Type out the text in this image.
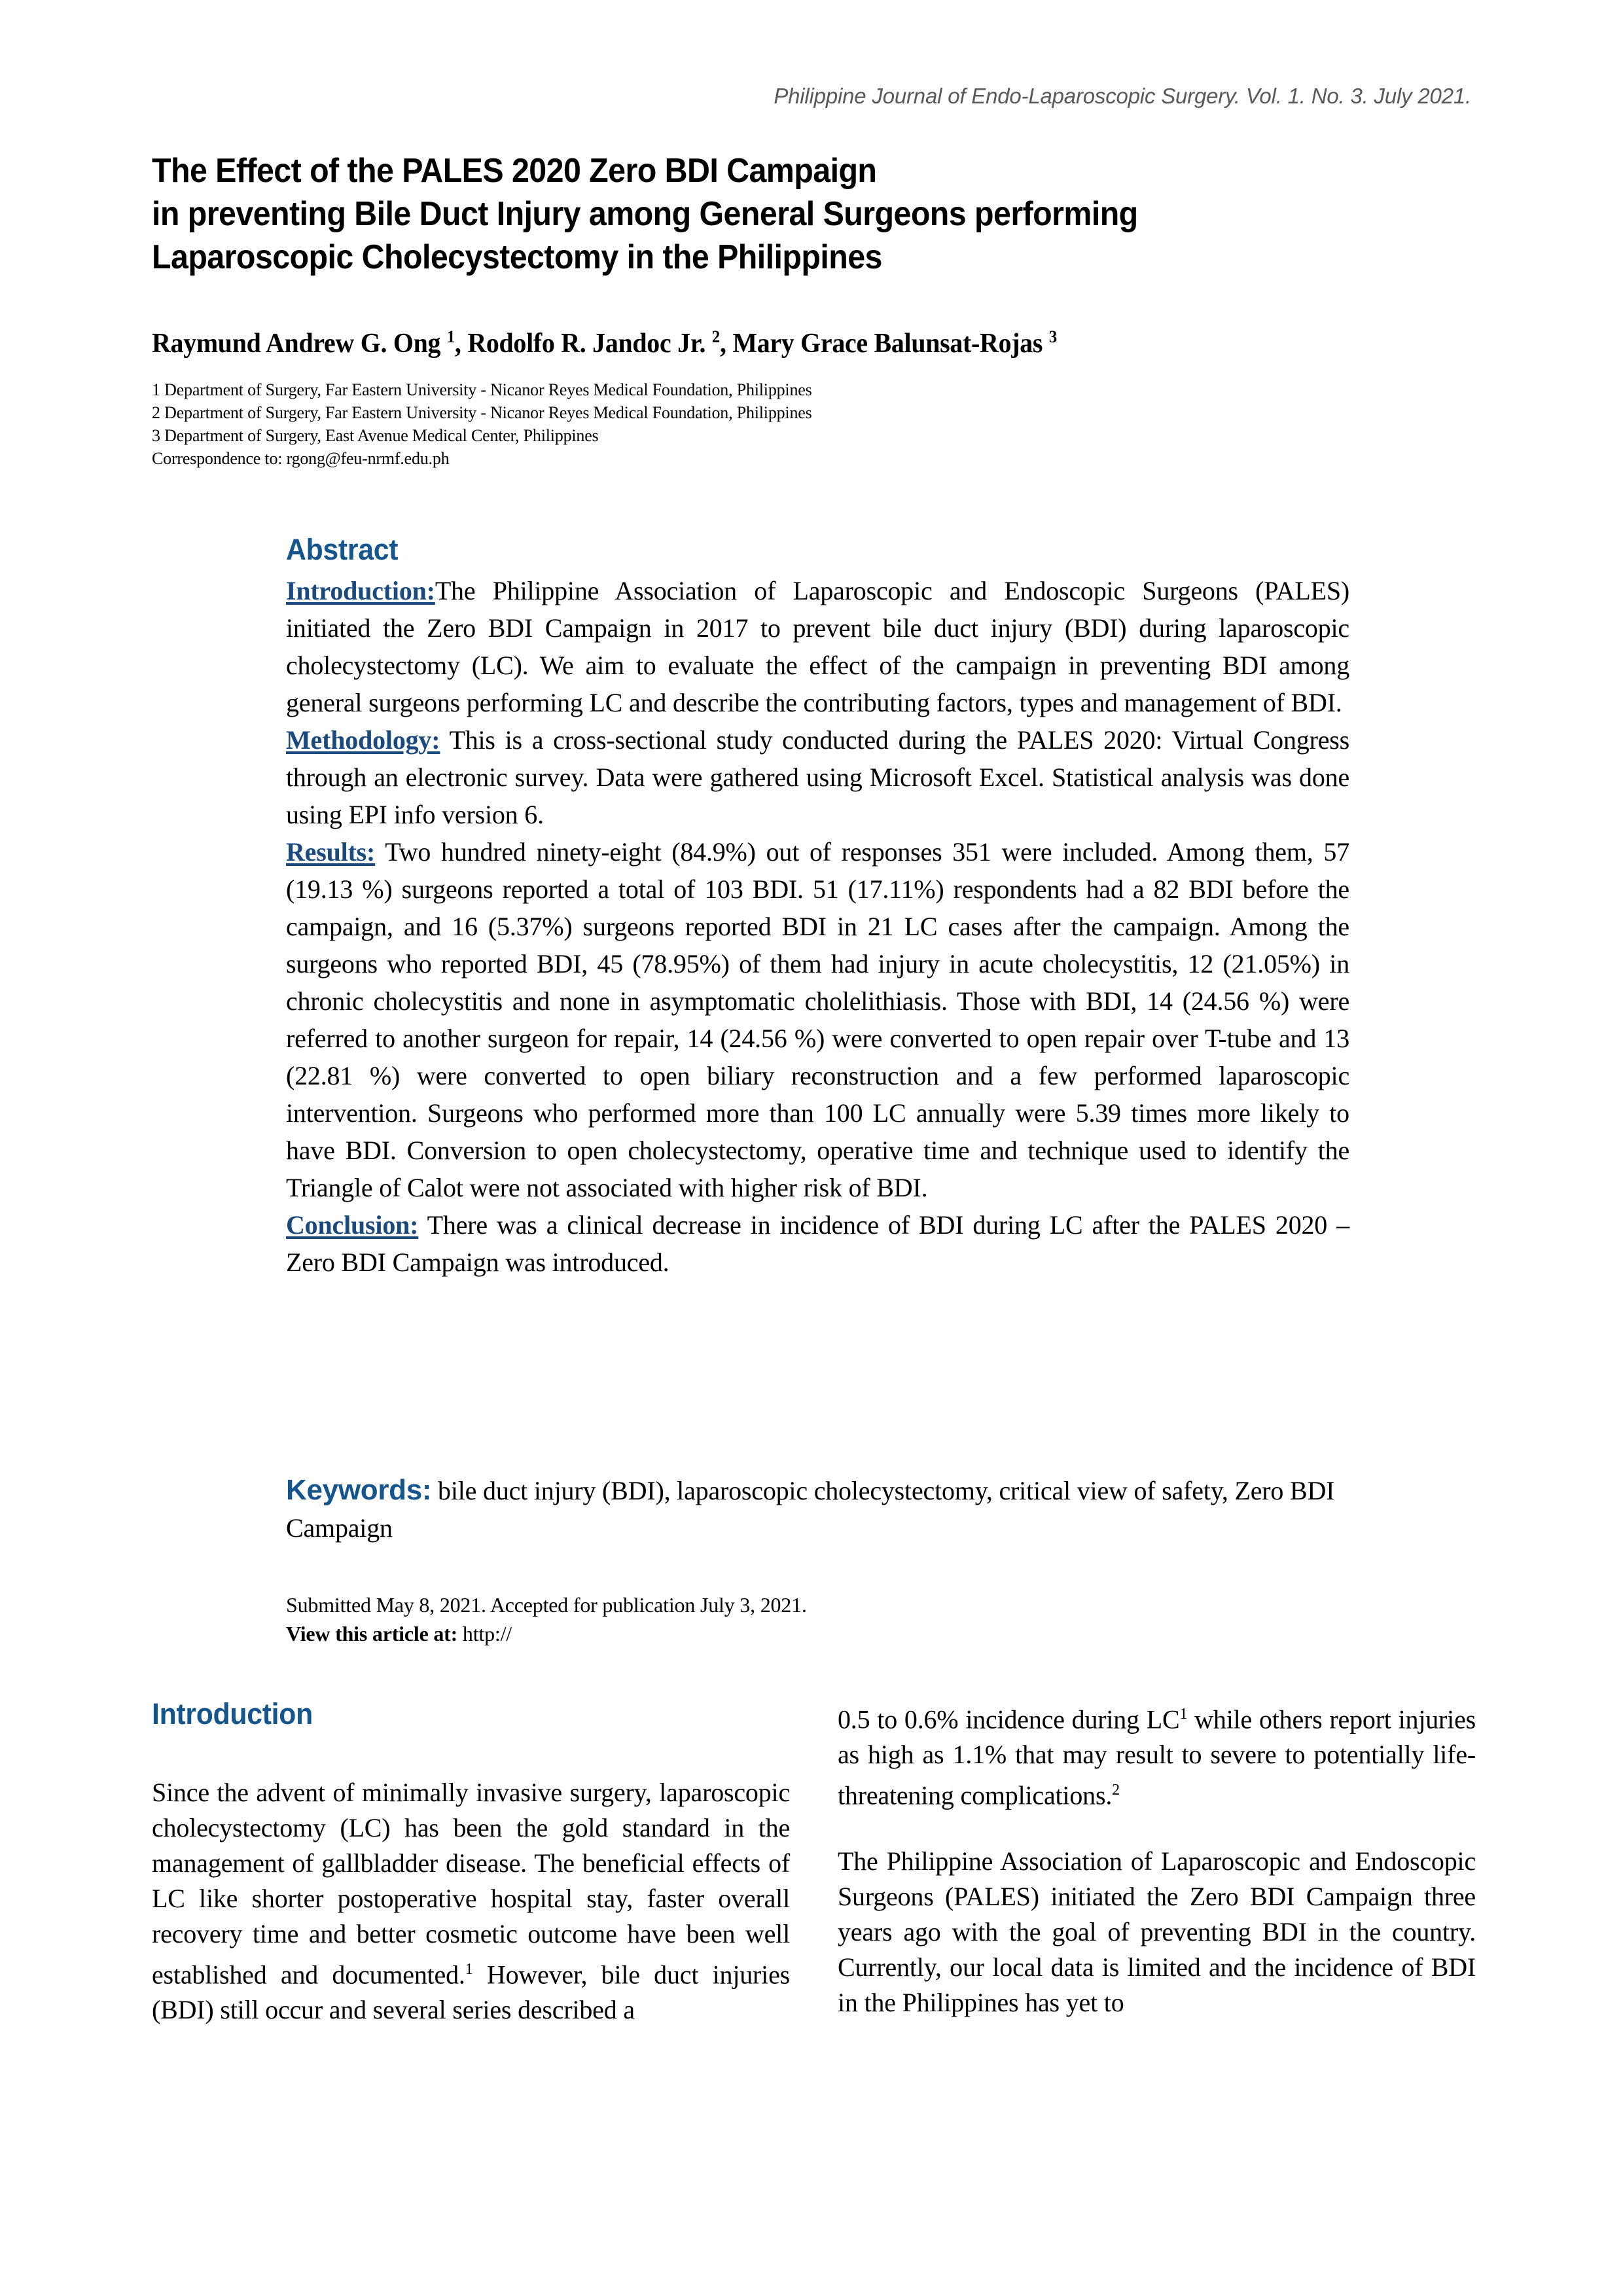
Philippine Journal of Endo-Laparoscopic Surgery. Vol. 1. No. 3. July 2021.
The Effect of the PALES 2020 Zero BDI Campaign
in preventing Bile Duct Injury among General Surgeons performing
Laparoscopic Cholecystectomy in the Philippines
Raymund Andrew G. Ong $^1$, Rodolfo R. Jandoc Jr. $^2$, Mary Grace Balunsat-Rojas $^3$
1 Department of Surgery, Far Eastern University - Nicanor Reyes Medical Foundation, Philippines
2 Department of Surgery, Far Eastern University - Nicanor Reyes Medical Foundation, Philippines
3 Department of Surgery, East Avenue Medical Center, Philippines
Correspondence to: rgong@feu-nrmf.edu.ph
Abstract

Introduction:The Philippine Association of Laparoscopic and Endoscopic Surgeons (PALES) initiated the Zero BDI Campaign in 2017 to prevent bile duct injury (BDI) during laparoscopic cholecystectomy (LC). We aim to evaluate the effect of the campaign in preventing BDI among general surgeons performing LC and describe the contributing factors, types and management of BDI.

Methodology: This is a cross-sectional study conducted during the PALES 2020: Virtual Congress through an electronic survey. Data were gathered using Microsoft Excel. Statistical analysis was done using EPI info version 6.

Results: Two hundred ninety-eight (84.9%) out of responses 351 were included. Among them, 57 (19.13 %) surgeons reported a total of 103 BDI. 51 (17.11%) respondents had a 82 BDI before the campaign, and 16 (5.37%) surgeons reported BDI in 21 LC cases after the campaign. Among the surgeons who reported BDI, 45 (78.95%) of them had injury in acute cholecystitis, 12 (21.05%) in chronic cholecystitis and none in asymptomatic cholelithiasis. Those with BDI, 14 (24.56 %) were referred to another surgeon for repair, 14 (24.56 %) were converted to open repair over T-tube and 13 (22.81 %) were converted to open biliary reconstruction and a few performed laparoscopic intervention. Surgeons who performed more than 100 LC annually were 5.39 times more likely to have BDI. Conversion to open cholecystectomy, operative time and technique used to identify the Triangle of Calot were not associated with higher risk of BDI.

Conclusion: There was a clinical decrease in incidence of BDI during LC after the PALES 2020 – Zero BDI Campaign was introduced.

Keywords: bile duct injury (BDI), laparoscopic cholecystectomy, critical view of safety, Zero BDI Campaign
Submitted May 8, 2021. Accepted for publication July 3, 2021.
View this article at: http://
Introduction

Since the advent of minimally invasive surgery, laparoscopic cholecystectomy (LC) has been the gold standard in the management of gallbladder disease. The beneficial effects of LC like shorter postoperative hospital stay, faster overall recovery time and better cosmetic outcome have been well established and documented.$^1$ However, bile duct injuries (BDI) still occur and several series described a

0.5 to 0.6% incidence during $LC^1$ while others report injuries as high as 1.1% that may result to severe to potentially life-threatening complications.$^2$

The Philippine Association of Laparoscopic and Endoscopic Surgeons (PALES) initiated the Zero BDI Campaign three years ago with the goal of preventing BDI in the country. Currently, our local data is limited and the incidence of BDI in the Philippines has yet to
